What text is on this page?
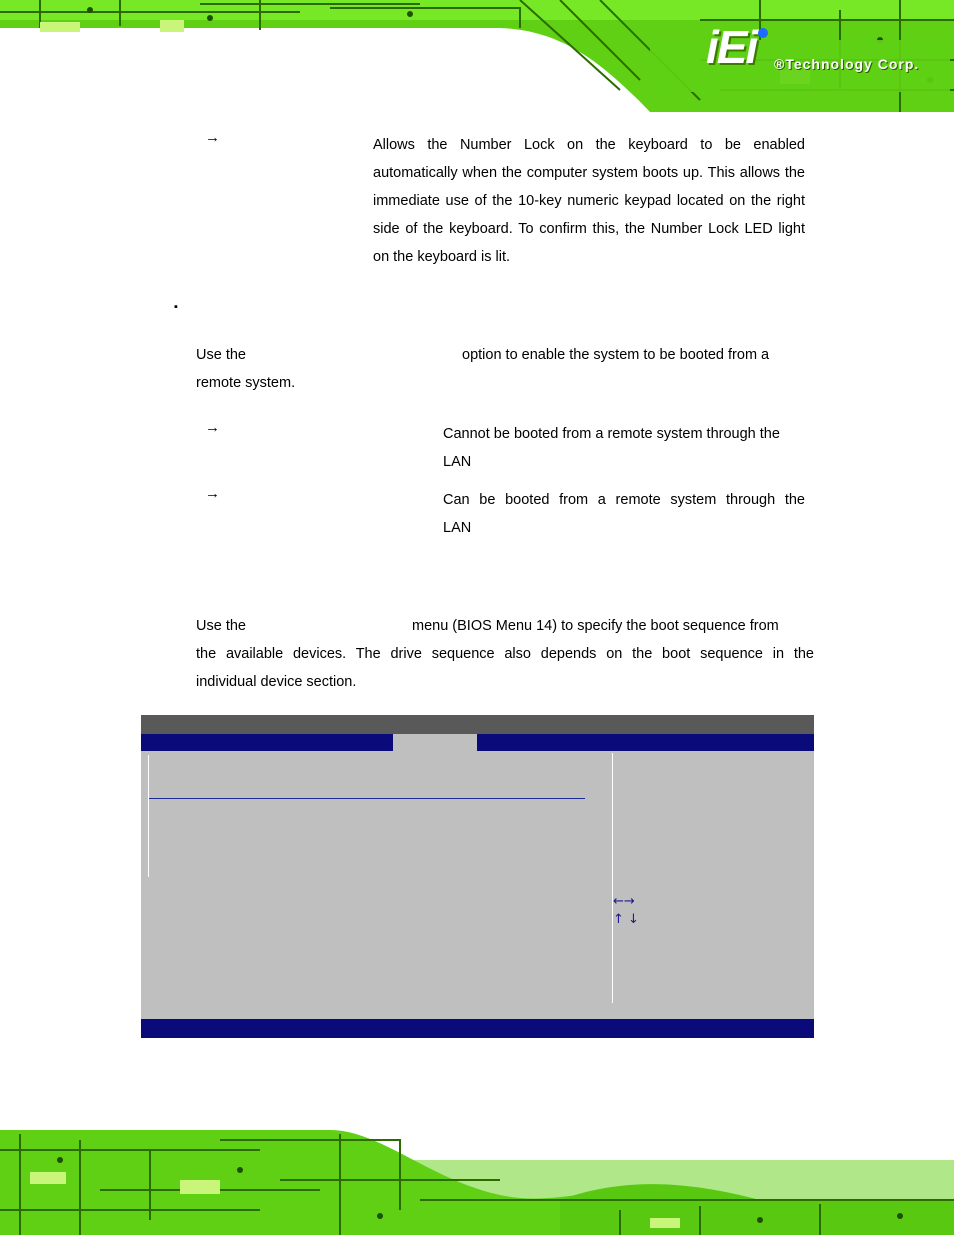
iEi	®Technology Corp.
→	Allows the Number Lock on the keyboard to be enabled automatically when the computer system boots up. This allows the immediate use of the 10-key numeric keypad located on the right side of the keyboard. To confirm this, the Number Lock LED light on the keyboard is lit.
▪
Use the	option to enable the system to be booted from a
remote system.
→	Cannot be booted from a remote system through the
LAN
→	Can be booted from a remote system through the
LAN
Use the	menu (BIOS Menu 14) to specify the boot sequence from
the available devices. The drive sequence also depends on the boot sequence in the
individual device section.
←→
↑ ↓
